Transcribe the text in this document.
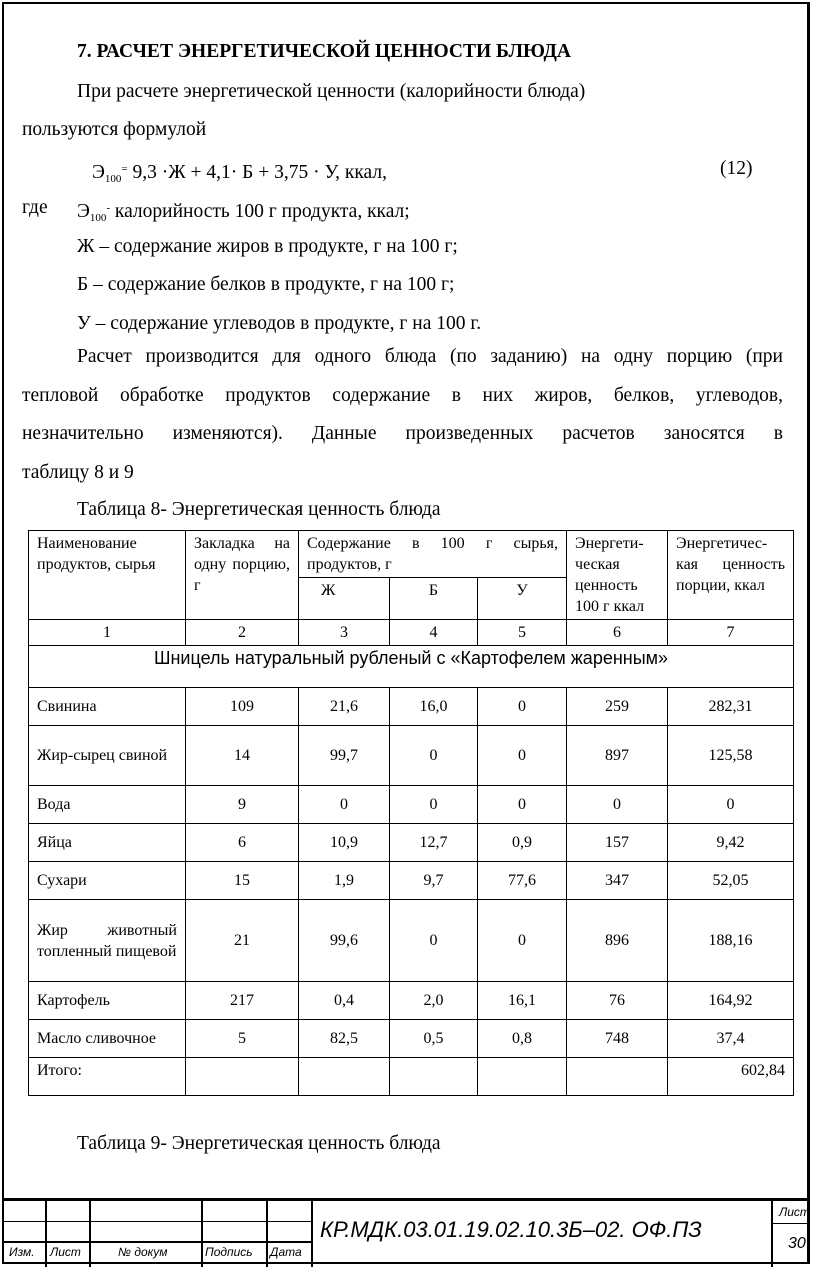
7. РАСЧЕТ ЭНЕРГЕТИЧЕСКОЙ ЦЕННОСТИ БЛЮДА
При расчете энергетической ценности (калорийности блюда)
пользуются формулой
$Э_{100}^=$ 9,3 ·Ж + 4,1· Б + 3,75 · У, ккал,	(12)
где $Э_{100}^-$ калорийность 100 г продукта, ккал;
Ж – содержание жиров в продукте, г на 100 г;
Б – содержание белков в продукте, г на 100 г;
У – содержание углеводов в продукте, г на 100 г.
Расчет производится для одного блюда (по заданию) на одну порцию (при
тепловой обработке продуктов содержание в них жиров, белков, углеводов,
незначительно изменяются). Данные произведенных расчетов заносятся в
таблицу 8 и 9
Таблица 8- Энергетическая ценность блюда
Наименование продуктов, сырья	Закладка на одну порцию, г	Содержание в 100 г сырья, продуктов, г			Энергети-ческая ценность 100 г ккал	Энергетичес-кая ценность порции, ккал
		Ж	Б	У		
1	2	3	4	5	6	7
Шницель натуральный рубленый с «Картофелем жаренным»						
Свинина	109	21,6	16,0	0	259	282,31
Жир-сырец свиной	14	99,7	0	0	897	125,58
Вода	9	0	0	0	0	0
Яйца	6	10,9	12,7	0,9	157	9,42
Сухари	15	1,9	9,7	77,6	347	52,05
Жир животный топленный пищевой	21	99,6	0	0	896	188,16
Картофель	217	0,4	2,0	16,1	76	164,92
Масло сливочное	5	82,5	0,5	0,8	748	37,4
Итого:						602,84
Таблица 9- Энергетическая ценность блюда
Изм. Лист	№ докум	Подпись Дата
КР.МДК.03.01.19.02.10.3Б–02. ОФ.ПЗ
Лист
30
